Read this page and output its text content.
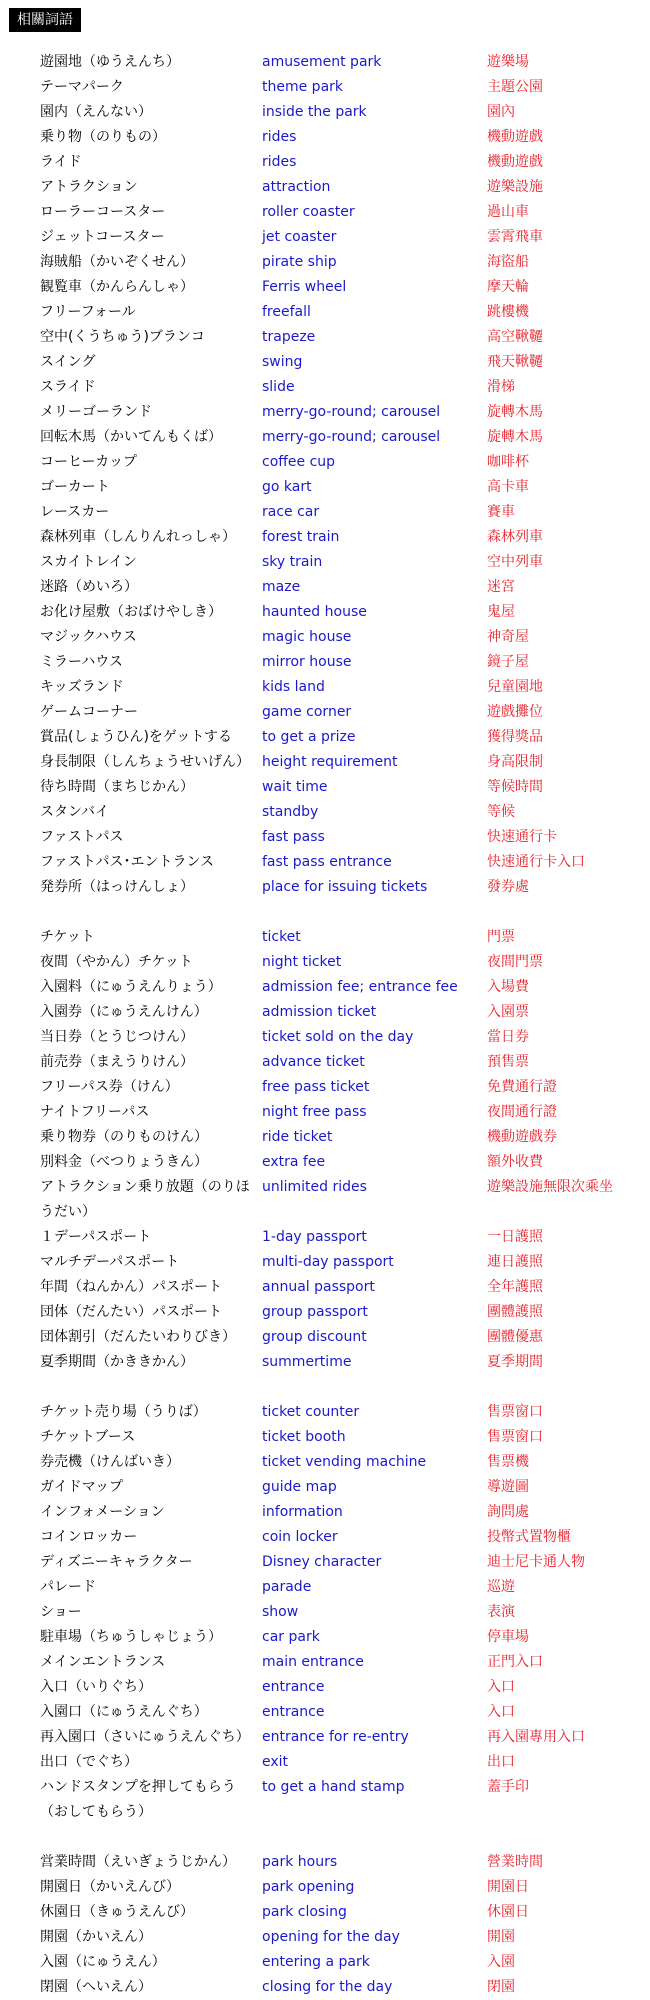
相關詞語
遊園地（ゆうえんち）	amusement park	遊樂場
テーマパーク	theme park	主題公園
園内（えんない）	inside the park	園內
乗り物（のりもの）	rides	機動遊戲
ライド	rides	機動遊戲
アトラクション	attraction	遊樂設施
ローラーコースター	roller coaster	過山車
ジェットコースター	jet coaster	雲霄飛車
海賊船（かいぞくせん）	pirate ship	海盜船
観覧車（かんらんしゃ）	Ferris wheel	摩天輪
フリーフォール	freefall	跳樓機
空中(くうちゅう)ブランコ	trapeze	高空鞦韆
スイング	swing	飛天鞦韆
スライド	slide	滑梯
メリーゴーランド	merry-go-round; carousel	旋轉木馬
回転木馬（かいてんもくば）	merry-go-round; carousel	旋轉木馬
コーヒーカップ	coffee cup	咖啡杯
ゴーカート	go kart	高卡車
レースカー	race car	賽車
森林列車（しんりんれっしゃ） forest train	森林列車
スカイトレイン	sky train	空中列車
迷路（めいろ）	maze	迷宮
お化け屋敷（おばけやしき）	haunted house	鬼屋
マジックハウス	magic house	神奇屋
ミラーハウス	mirror house	鏡子屋
キッズランド	kids land	兒童園地
ゲームコーナー	game corner	遊戲攤位
賞品(しょうひん)をゲットする to get a prize	獲得獎品
身長制限（しんちょうせいげん） height requirement	身高限制
待ち時間（まちじかん）	wait time	等候時間
スタンバイ	standby	等候
ファストパス	fast pass	快速通行卡
ファストパス･エントランス	fast pass entrance	快速通行卡入口
発券所（はっけんしょ）	place for issuing tickets	發券處
チケット	ticket	門票
夜間（やかん）チケット	night ticket	夜間門票
入園料（にゅうえんりょう）	admission fee; entrance fee 入場費
入園券（にゅうえんけん）	admission ticket	入園票
当日券（とうじつけん）	ticket sold on the day	當日券
前売券（まえうりけん）	advance ticket	預售票
フリーパス券（けん）	free pass ticket	免費通行證
ナイトフリーパス	night free pass	夜間通行證
乗り物券（のりものけん）	ride ticket	機動遊戲券
別料金（べつりょうきん）	extra fee	額外收費
アトラクション乗り放題（のりほうだい）
unlimited rides	遊樂設施無限次乘坐
１デーパスポート	1-day passport	一日護照
マルチデーパスポート	multi-day passport	連日護照
年間（ねんかん）パスポート	annual passport	全年護照
団体（だんたい）パスポート	group passport	團體護照
団体割引（だんたいわりびき） group discount	團體優惠
夏季期間（かききかん）	summertime	夏季期間
チケット売り場（うりば）	ticket counter	售票窗口
チケットブース	ticket booth	售票窗口
券売機（けんばいき）	ticket vending machine	售票機
ガイドマップ	guide map	導遊圖
インフォメーション	information	詢問處
コインロッカー	coin locker	投幣式置物櫃
ディズニーキャラクター	Disney character	迪士尼卡通人物
パレード	parade	巡遊
ショー	show	表演
駐車場（ちゅうしゃじょう）	car park	停車場
メインエントランス	main entrance	正門入口
入口（いりぐち）	entrance	入口
入園口（にゅうえんぐち）	entrance	入口
再入園口（さいにゅうえんぐち） entrance for re-entry	再入園專用入口
出口（でぐち）	exit	出口
ハンドスタンプを押してもらう（おしてもらう）
to get a hand stamp	蓋手印
営業時間（えいぎょうじかん） park hours	營業時間
開園日（かいえんび）	park opening	開園日
休園日（きゅうえんび）	park closing	休園日
開園（かいえん）	opening for the day	開園
入園（にゅうえん）	entering a park	入園
閉園（へいえん）	closing for the day	閉園
